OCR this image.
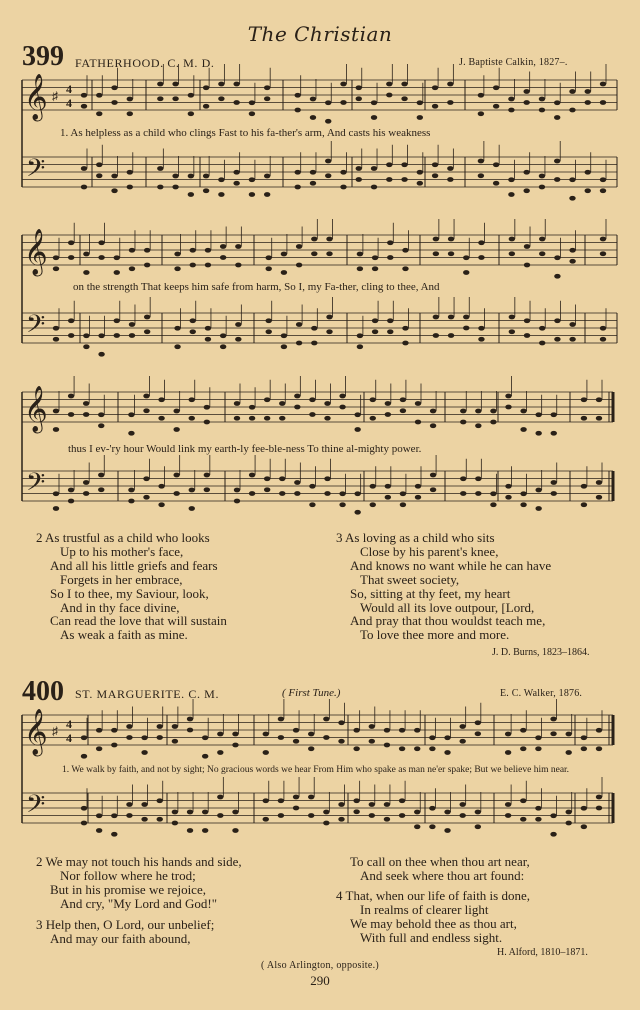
The Christian
399 FATHERHOOD. C. M. D.	J. Baptiste Calkin, 1827–.
𝄞
𝄢
♯ 4
4
𝄞
𝄢
𝄞
𝄢
𝄞
𝄢
♯ 4
4
1. As helpless as a child who clings Fast to his fa-ther's arm, And casts his weakness
on the strength That keeps him safe from harm, So I, my Fa-ther, cling to thee, And
thus I ev-'ry hour Would link my earth-ly fee-ble-ness To thine al-mighty power.
2 As trustful as a child who looks
Up to his mother's face,
And all his little griefs and fears
Forgets in her embrace,
So I to thee, my Saviour, look,
And in thy face divine,
Can read the love that will sustain
As weak a faith as mine.
3 As loving as a child who sits
Close by his parent's knee,
And knows no want while he can have
That sweet society,
So, sitting at thy feet, my heart
Would all its love outpour, [Lord,
And pray that thou wouldst teach me,
To love thee more and more.
J. D. Burns, 1823–1864.
400 ST. MARGUERITE. C. M.	( First Tune.)	E. C. Walker, 1876.
1. We walk by faith, and not by sight; No gracious words we hear From Him who spake as man ne'er spake; But we believe him near.
2 We may not touch his hands and side,
Nor follow where he trod;
But in his promise we rejoice,
And cry, "My Lord and God!"
3 Help then, O Lord, our unbelief;
And may our faith abound,
To call on thee when thou art near,
And seek where thou art found:
4 That, when our life of faith is done,
In realms of clearer light
We may behold thee as thou art,
With full and endless sight.
H. Alford, 1810–1871.
( Also Arlington, opposite.)
290
